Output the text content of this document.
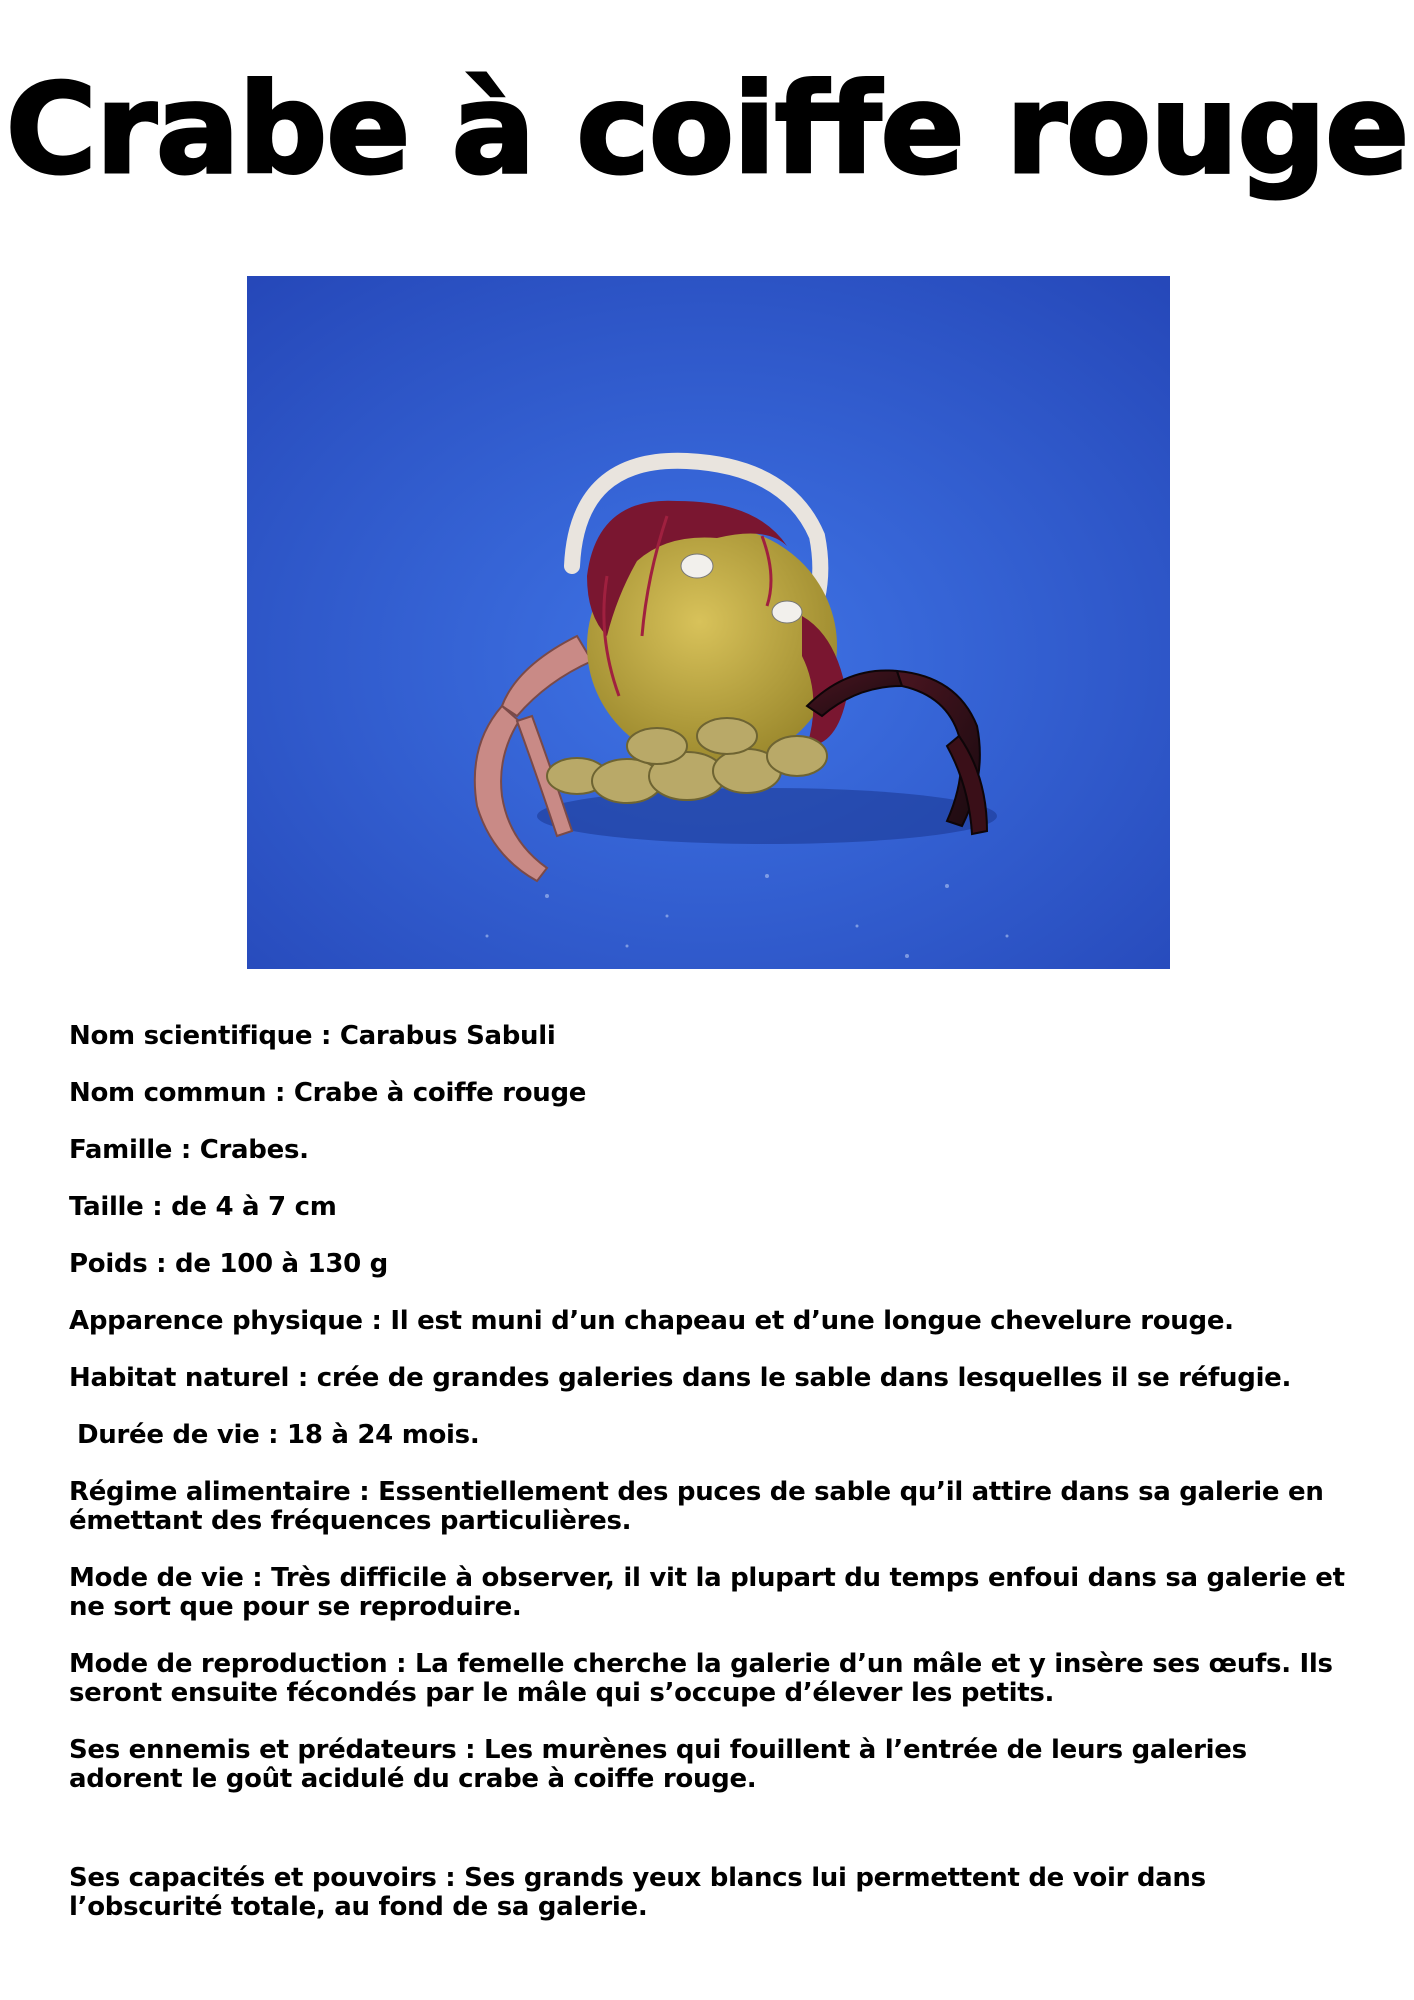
Crabe à coiffe rouge

Nom scientifique : Carabus Sabuli

Nom commun : Crabe à coiffe rouge

Famille : Crabes.

Taille : de 4 à 7 cm

Poids : de 100 à 130 g

Apparence physique : Il est muni d’un chapeau et d’une longue chevelure rouge.

Habitat naturel : crée de grandes galeries dans le sable dans lesquelles il se réfugie.

Durée de vie : 18 à 24 mois.

Régime alimentaire : Essentiellement des puces de sable qu’il attire dans sa galerie en émettant des fréquences particulières.

Mode de vie : Très difficile à observer, il vit la plupart du temps enfoui dans sa galerie et ne sort que pour se reproduire.

Mode de reproduction : La femelle cherche la galerie d’un mâle et y insère ses œufs. Ils seront ensuite fécondés par le mâle qui s’occupe d’élever les petits.

Ses ennemis et prédateurs : Les murènes qui fouillent à l’entrée de leurs galeries adorent le goût acidulé du crabe à coiffe rouge.

Ses capacités et pouvoirs : Ses grands yeux blancs lui permettent de voir dans l’obscurité totale, au fond de sa galerie.
